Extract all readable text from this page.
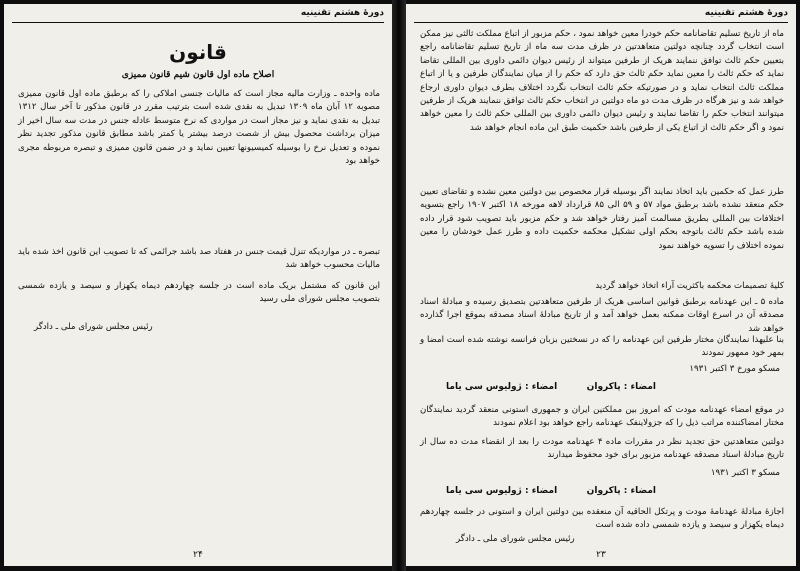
دورهٔ هشتم تقنینیه
قانون
اصلاح ماده اول قانون شیم قانون ممیزی
ماده واحده ـ وزارت مالیه مجاز است که مالیات جنسی املاکی را که برطبق ماده اول قانون ممیزی مصوبه ۱۲ آبان ماه ۱۳۰۹ تبدیل به نقدی شده است بترتیب مقرر در قانون مذکور تا آخر سال ۱۳۱۲ تبدیل به نقدی نماید و نیز مجاز است در مواردی که نرخ متوسط عادله جنس در مدت سه سال اخیر از میزان برداشت محصول بیش از شصت درصد بیشتر یا کمتر باشد مطابق قانون مذکور تجدید نظر نموده و تعدیل نرخ را بوسیله کمیسیونها تعیین نماید و در ضمن قانون ممیزی و تبصره مربوطه مجری خواهد بود
تبصره ـ در مواردیکه تنزل قیمت جنس در هفتاد صد باشد جرائمی که تا تصویب این قانون اخذ شده باید مالیات محسوب خواهد شد
این قانون که مشتمل بریک ماده است در جلسه چهاردهم دیماه یکهزار و سیصد و یازده شمسی بتصویب مجلس شورای ملی رسید
رئیس مجلس شورای ملی ـ دادگر
۲۴
دورهٔ هشتم تقنینیه
ماه از تاریخ تسلیم تقاضانامه حکم خودرا معین خواهد نمود ، حکم مزبور از اتباع مملکت ثالثی نیز ممکن است انتخاب گردد چنانچه دولتین متعاهدتین در ظرف مدت سه ماه از تاریخ تسلیم تقاضانامه راجع بتعیین حکم ثالث توافق ننمایند هریک از طرفین میتواند از رئیس دیوان دائمی داوری بین المللی تقاضا نماید که حکم ثالث را معین نماید حکم ثالث حق دارد که حکم را از میان نمایندگان طرفین و یا از اتباع مملکت ثالث انتخاب نماید و در صورتیکه حکم ثالث انتخاب نگردد اختلاف بطرف دیوان داوری ارجاع خواهد شد و نیز هرگاه در ظرف مدت دو ماه دولتین در انتخاب حکم ثالث توافق ننمایند هریک از طرفین میتوانند انتخاب حکم را تقاضا نمایند و رئیس دیوان دائمی داوری بین المللی حکم ثالث را معین خواهد نمود و اگر حکم ثالث از اتباع یکی از طرفین باشد حکمیت طبق این ماده انجام خواهد شد
طرز عمل که حکمین باید اتخاذ نمایند اگر بوسیله قرار مخصوص بین دولتین معین نشده و تقاضای تعیین حکم منعقد نشده باشد برطبق مواد ۵۷ و ۵۹ الی ۸۵ قرارداد لاهه مورخه ۱۸ اکتبر ۱۹۰۷ راجع بتسویه اختلافات بین المللی بطریق مسالمت آمیز رفتار خواهد شد و حکم مزبور باید تصویب شود قرار داده شده باشد حکم ثالث باتوجه بحکم اولی تشکیل محکمه حکمیت داده و طرز عمل خودشان را معین نموده اختلاف را تسویه خواهند نمود
کلیهٔ تصمیمات محکمه باکثریت آراء اتخاذ خواهد گردید
ماده ۵ ـ این عهدنامه برطبق قوانین اساسی هریک از طرفین متعاهدتین بتصدیق رسیده و مبادلهٔ اسناد مصدقه آن در اسرع اوقات ممکنه بعمل خواهد آمد و از تاریخ مبادلهٔ اسناد مصدقه بموقع اجرا گذارده خواهد شد
بنا علیهذا نمایندگان مختار طرفین این عهدنامه را که در نسختین بزبان فرانسه نوشته شده است امضا و بمهر خود ممهور نمودند
مسکو مورخ ۳ اکتبر ۱۹۳۱
امضاء : ژولیوس سی یاما	امضاء : پاکروان
در موقع امضاء عهدنامه مودت که امروز بین مملکتین ایران و جمهوری استونی منعقد گردید نمایندگان مختار امضاکننده مراتب ذیل را که جزولاینفک عهدنامه راجع خواهد بود اعلام نمودند
دولتین متعاهدتین حق تجدید نظر در مقررات ماده ۴ عهدنامه مودت را بعد از انقضاء مدت ده سال از تاریخ مبادلهٔ اسناد مصدقه عهدنامه مزبور برای خود محفوظ میدارند
مسکو ۳ اکتبر ۱۹۳۱
امضاء : ژولیوس سی یاما	امضاء : پاکروان
اجازهٔ مبادلهٔ عهدنامهٔ مودت و پرتکل الحاقیه آن منعقده بین دولتین ایران و استونی در جلسه چهاردهم دیماه یکهزار و سیصد و یازده شمسی داده شده است
رئیس مجلس شورای ملی ـ دادگر
۲۳
